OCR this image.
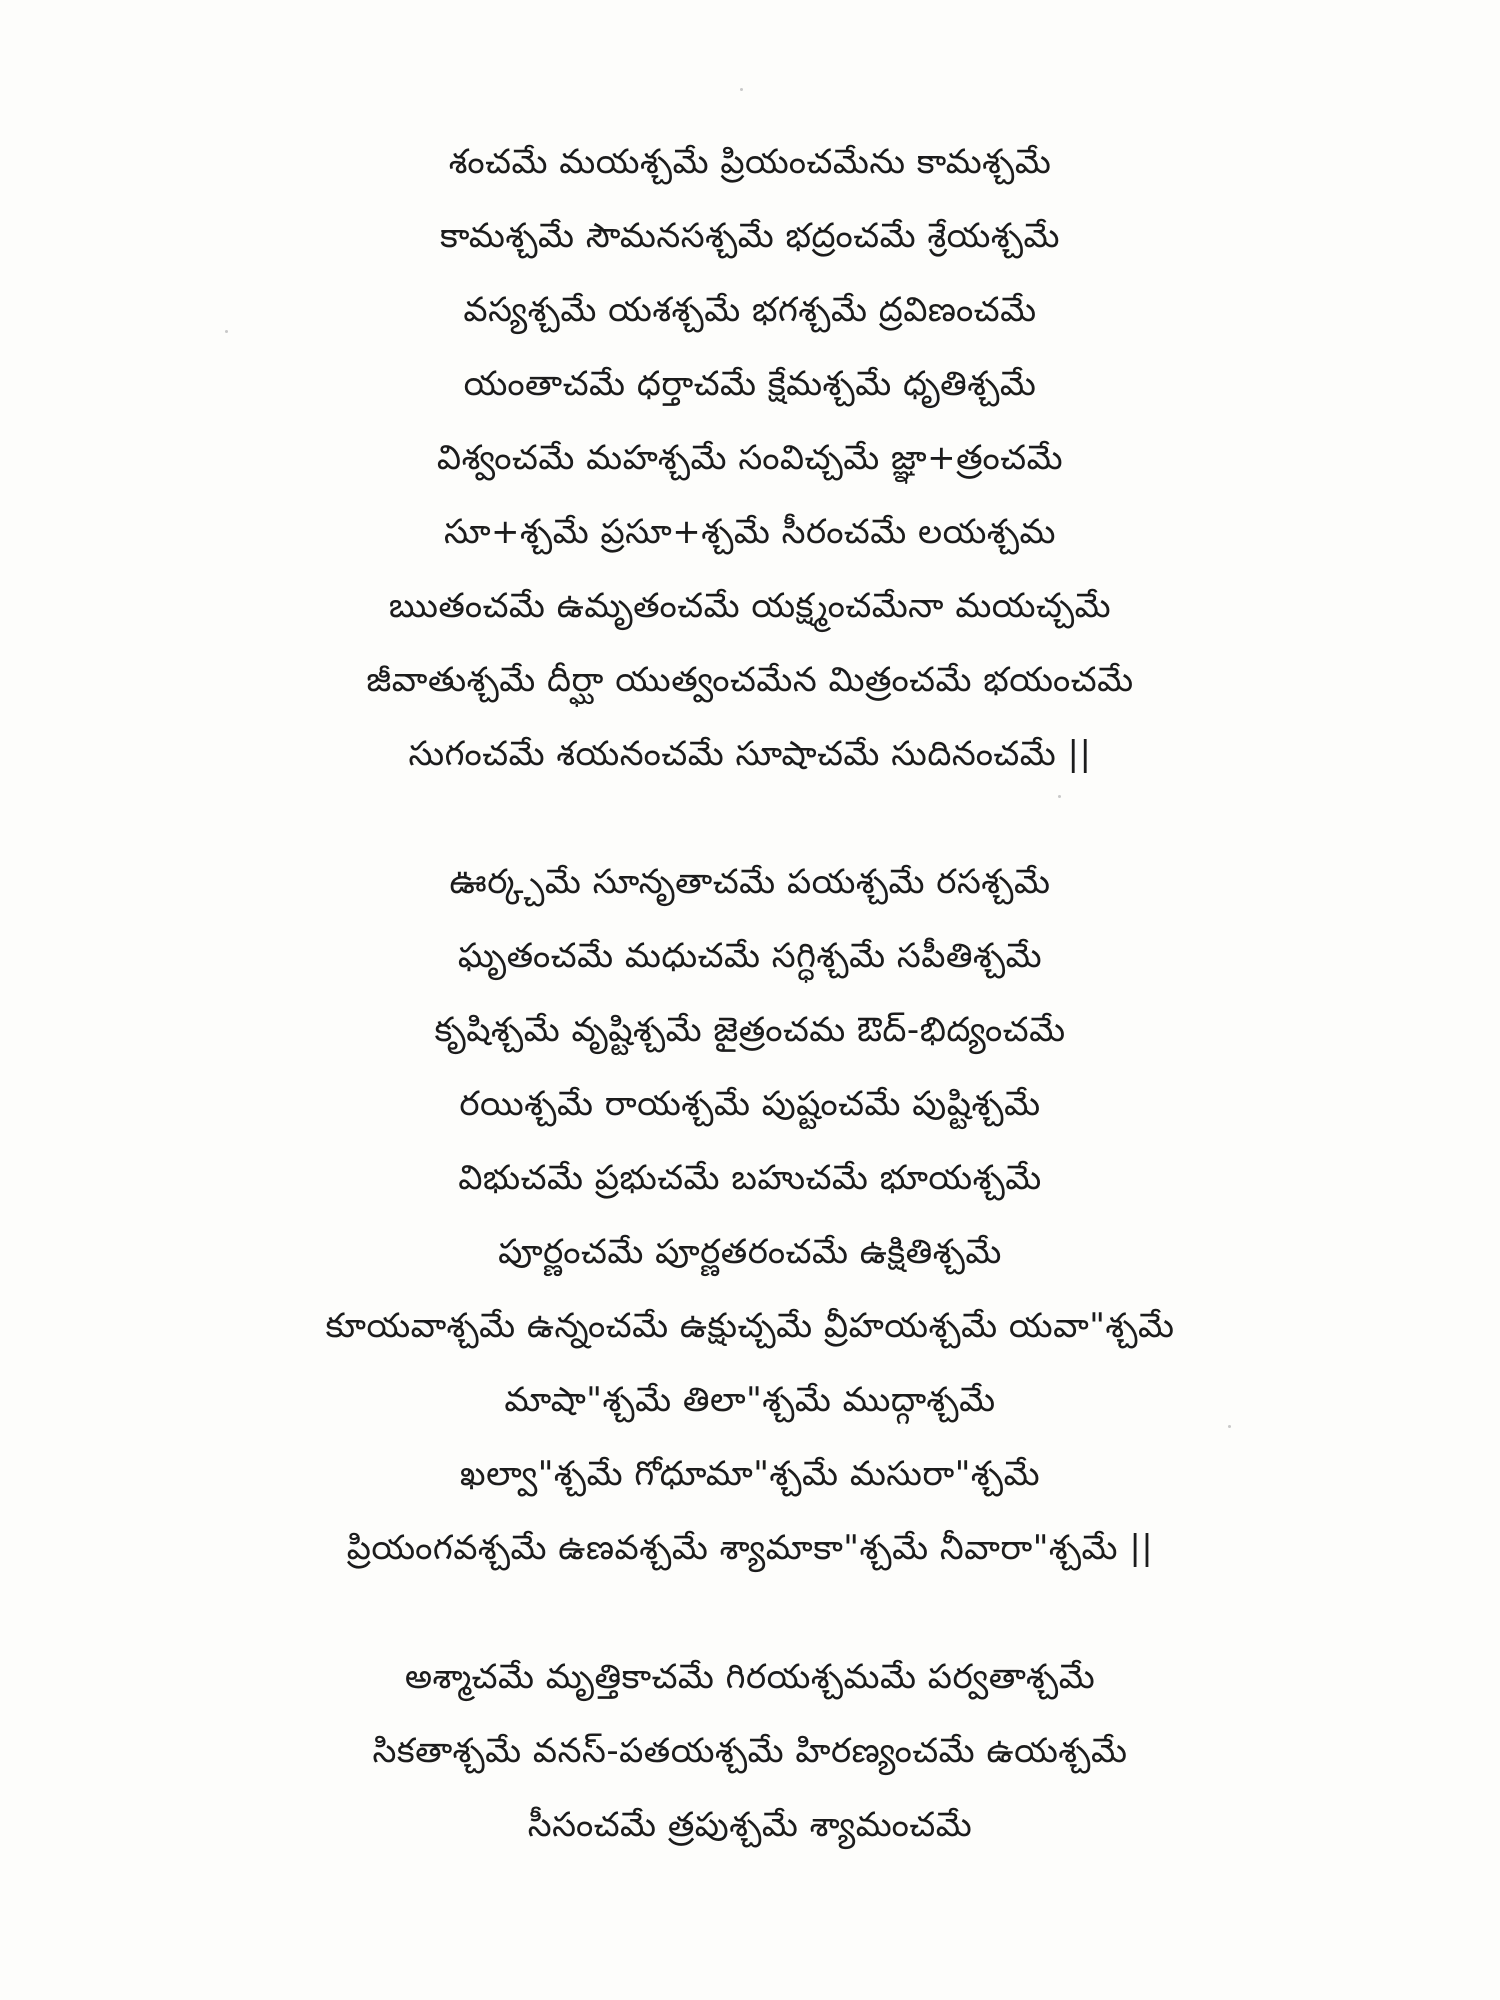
శంచమే మయశ్చమే ప్రియంచమేను కామశ్చమే
కామశ్చమే సౌమనసశ్చమే భద్రంచమే శ్రేయశ్చమే
వస్యశ్చమే యశశ్చమే భగశ్చమే ద్రవిణంచమే
యంతాచమే ధర్తాచమే క్షేమశ్చమే ధృతిశ్చమే
విశ్వంచమే మహశ్చమే సంవిచ్చమే జ్ఞా+త్రంచమే
సూ+శ్చమే ప్రసూ+శ్చమే సీరంచమే లయశ్చమ
ఋతంచమే ఉమృతంచమే యక్ష్మంచమేనా మయచ్చమే
జీవాతుశ్చమే దీర్ఘా యుత్వంచమేన మిత్రంచమే భయంచమే
సుగంచమే శయనంచమే సూషాచమే సుదినంచమే ||
ఊర్క్చమే సూనృతాచమే పయశ్చమే రసశ్చమే
ఘృతంచమే మధుచమే సగ్ధిశ్చమే సపీతిశ్చమే
కృషిశ్చమే వృష్టిశ్చమే జైత్రంచమ ఔద్-భిద్యంచమే
రయిశ్చమే రాయశ్చమే పుష్టంచమే పుష్టిశ్చమే
విభుచమే ప్రభుచమే బహుచమే భూయశ్చమే
పూర్ణంచమే పూర్ణతరంచమే ఉక్షితిశ్చమే
కూయవాశ్చమే ఉన్నంచమే ఉక్షుచ్చమే వ్రీహయశ్చమే యవా"శ్చమే
మాషా"శ్చమే తిలా"శ్చమే ముద్గాశ్చమే
ఖల్వా"శ్చమే గోధూమా"శ్చమే మసురా"శ్చమే
ప్రియంగవశ్చమే ఉణవశ్చమే శ్యామాకా"శ్చమే నీవారా"శ్చమే ||
అశ్మాచమే మృత్తికాచమే గిరయశ్చమమే పర్వతాశ్చమే
సికతాశ్చమే వనస్-పతయశ్చమే హిరణ్యంచమే ఉయశ్చమే
సీసంచమే త్రపుశ్చమే శ్యామంచమే
